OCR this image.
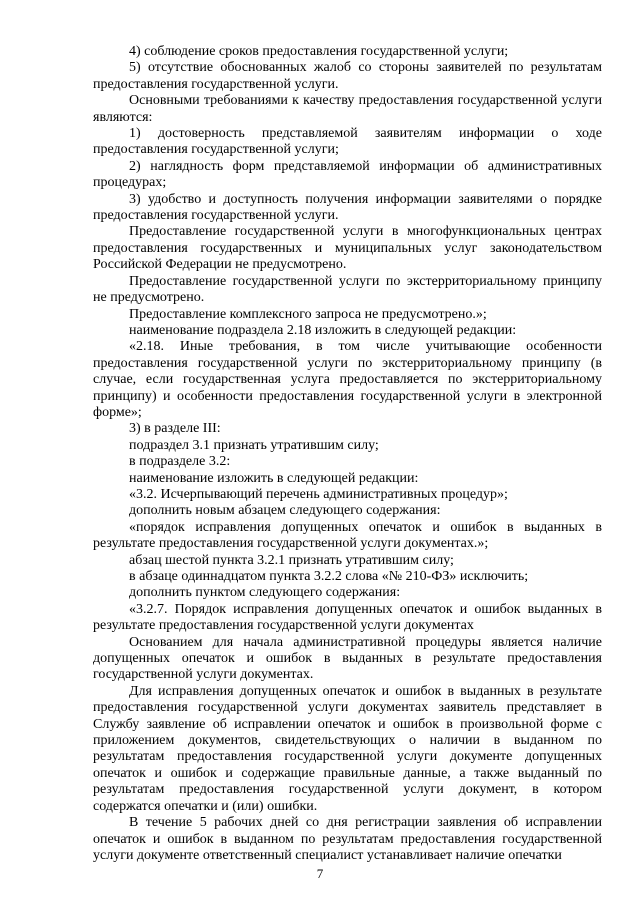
4) соблюдение сроков предоставления государственной услуги;

5) отсутствие обоснованных жалоб со стороны заявителей по результатам предоставления государственной услуги.

Основными требованиями к качеству предоставления государственной услуги являются:

1) достоверность представляемой заявителям информации о ходе предоставления государственной услуги;

2) наглядность форм представляемой информации об административных процедурах;

3) удобство и доступность получения информации заявителями о порядке предоставления государственной услуги.

Предоставление государственной услуги в многофункциональных центрах предоставления государственных и муниципальных услуг законодательством Российской Федерации не предусмотрено.

Предоставление государственной услуги по экстерриториальному принципу не предусмотрено.

Предоставление комплексного запроса не предусмотрено.»;

наименование подраздела 2.18 изложить в следующей редакции:

«2.18. Иные требования, в том числе учитывающие особенности предоставления государственной услуги по экстерриториальному принципу (в случае, если государственная услуга предоставляется по экстерриториальному принципу) и особенности предоставления государственной услуги в электронной форме»;

3) в разделе III:

подраздел 3.1 признать утратившим силу;

в подразделе 3.2:

наименование изложить в следующей редакции:

«3.2. Исчерпывающий перечень административных процедур»;

дополнить новым абзацем следующего содержания:

«порядок исправления допущенных опечаток и ошибок в выданных в результате предоставления государственной услуги документах.»;

абзац шестой пункта 3.2.1 признать утратившим силу;

в абзаце одиннадцатом пункта 3.2.2 слова «№ 210-ФЗ» исключить;

дополнить пунктом следующего содержания:

«3.2.7. Порядок исправления допущенных опечаток и ошибок выданных в результате предоставления государственной услуги документах

Основанием для начала административной процедуры является наличие допущенных опечаток и ошибок в выданных в результате предоставления государственной услуги документах.

Для исправления допущенных опечаток и ошибок в выданных в результате предоставления государственной услуги документах заявитель представляет в Службу заявление об исправлении опечаток и ошибок в произвольной форме с приложением документов, свидетельствующих о наличии в выданном по результатам предоставления государственной услуги документе допущенных опечаток и ошибок и содержащие правильные данные, а также выданный по результатам предоставления государственной услуги документ, в котором содержатся опечатки и (или) ошибки.

В течение 5 рабочих дней со дня регистрации заявления об исправлении опечаток и ошибок в выданном по результатам предоставления государственной услуги документе ответственный специалист устанавливает наличие опечатки

7
